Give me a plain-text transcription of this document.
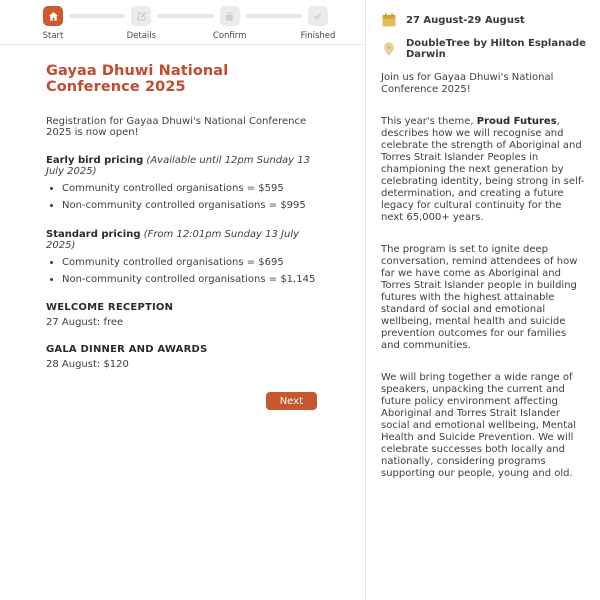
Start	Details	Confirm	Finished
Gayaa Dhuwi National Conference 2025

Registration for Gayaa Dhuwi's National Conference 2025 is now open!

Early bird pricing (Available until 12pm Sunday 13 July 2025)
• Community controlled organisations = $595
• Non-community controlled organisations = $995
Standard pricing (From 12:01pm Sunday 13 July 2025)
• Community controlled organisations = $695
• Non-community controlled organisations = $1,145
WELCOME RECEPTION
27 August: free
GALA DINNER AND AWARDS
28 August: $120
Next
27 August-29 August
DoubleTree by Hilton Esplanade Darwin

Join us for Gayaa Dhuwi's National Conference 2025!

This year's theme, Proud Futures, describes how we will recognise and celebrate the strength of Aboriginal and Torres Strait Islander Peoples in championing the next generation by celebrating identity, being strong in self-determination, and creating a future legacy for cultural continuity for the next 65,000+ years.

The program is set to ignite deep conversation, remind attendees of how far we have come as Aboriginal and Torres Strait Islander people in building futures with the highest attainable standard of social and emotional wellbeing, mental health and suicide prevention outcomes for our families and communities.

We will bring together a wide range of speakers, unpacking the current and future policy environment affecting Aboriginal and Torres Strait Islander social and emotional wellbeing, Mental Health and Suicide Prevention. We will celebrate successes both locally and nationally, considering programs supporting our people, young and old.
